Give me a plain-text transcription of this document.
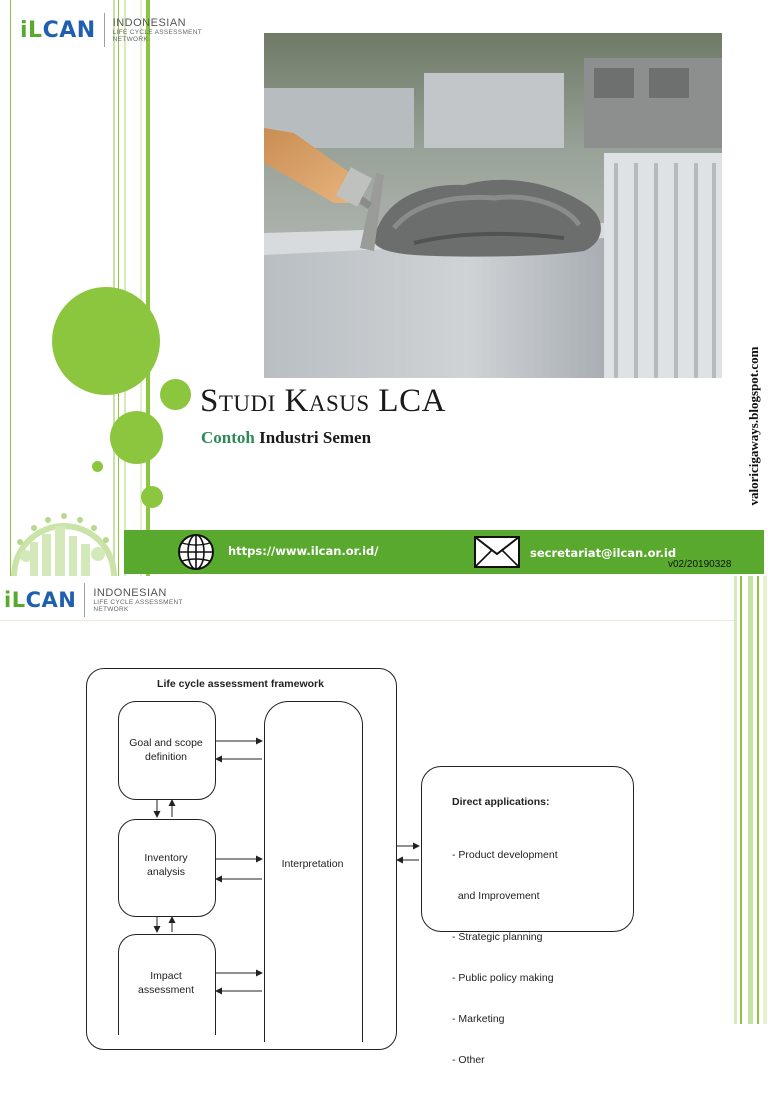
iLCAN INDONESIAN
LIFE CYCLE ASSESSMENT
NETWORK
Studi Kasus LCA
Contoh Industri Semen	valoricigaways.blogspot.com
https://www.ilcan.or.id/	secretariat@ilcan.or.id
v02/20190328
iLCAN INDONESIAN
LIFE CYCLE ASSESSMENT
NETWORK
Life cycle assessment framework
Goal and scope
definition
Inventory
analysis
Impact
assessment
Interpretation
Direct applications:

- Product development

and Improvement

- Strategic planning

- Public policy making

- Marketing

- Other
